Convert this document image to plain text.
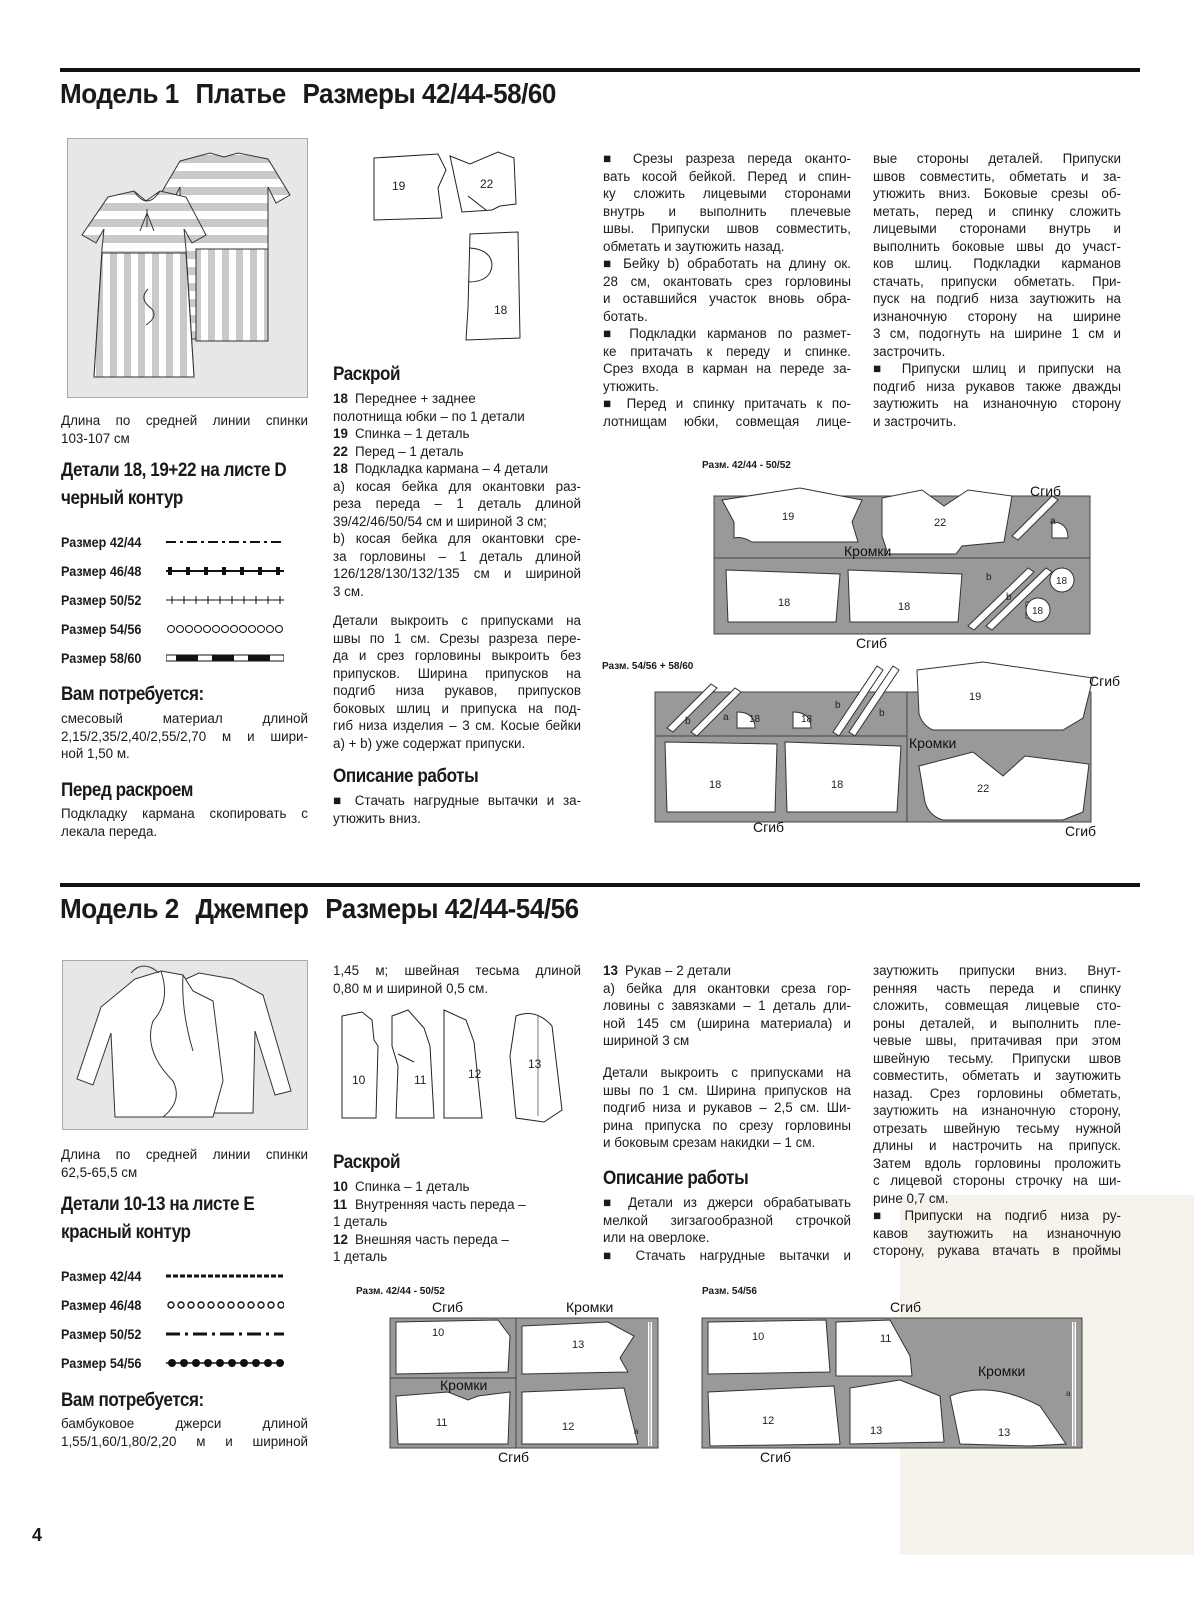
Модель 1 Платье Размеры 42/44-58/60
Длина по средней линии спинки
103-107 см
Детали 18, 19+22 на листе D
черный контур
Размер 42/44
Размер 46/48
Размер 50/52
Размер 54/56
Размер 58/60
Вам потребуется:
смесовый материал длиной
2,15/2,35/2,40/2,55/2,70 м и шири-
ной 1,50 м.
Перед раскроем
Подкладку кармана скопировать с
лекала переда.
19	22
18
Раскрой
18 Переднее + заднее
полотнища юбки – по 1 детали
19 Спинка – 1 деталь
22 Перед – 1 деталь
18 Подкладка кармана – 4 детали
a) косая бейка для окантовки раз-
реза переда – 1 деталь длиной
39/42/46/50/54 см и шириной 3 см;
b) косая бейка для окантовки сре-
за горловины – 1 деталь длиной
126/128/130/132/135 см и шириной
3 см.
Детали выкроить с припусками на
швы по 1 см. Срезы разреза пере-
да и срез горловины выкроить без
припусков. Ширина припусков на
подгиб низа рукавов, припусков
боковых шлиц и припуска на под-
гиб низа изделия – 3 см. Косые бейки
a) + b) уже содержат припуски.
Описание работы
■ Стачать нагрудные вытачки и за-
утюжить вниз.
■ Срезы разреза переда оканто-
вать косой бейкой. Перед и спин-
ку сложить лицевыми сторонами
внутрь и выполнить плечевые
швы. Припуски швов совместить,
обметать и заутюжить назад.
■ Бейку b) обработать на длину ок.
28 см, окантовать срез горловины
и оставшийся участок вновь обра-
ботать.
■ Подкладки карманов по размет-
ке притачать к переду и спинке.
Срез входа в карман на переде за-
утюжить.
■ Перед и спинку притачать к по-
лотнищам юбки, совмещая лице-
вые стороны деталей. Припуски
швов совместить, обметать и за-
утюжить вниз. Боковые срезы об-
метать, перед и спинку сложить
лицевыми сторонами внутрь и
выполнить боковые швы до участ-
ков шлиц. Подкладки карманов
стачать, припуски обметать. При-
пуск на подгиб низа заутюжить на
изнаночную сторону на ширине
3 см, подогнуть на ширине 1 см и
застрочить.
■ Припуски шлиц и припуски на
подгиб низа рукавов также дважды
заутюжить на изнаночную сторону
и застрочить.
Разм. 42/44 - 50/52
19	22
18	18
18
18
a
b
b
Кромки
Сгиб
Сгиб
Разм. 54/56 + 58/60
19
22
18	18
18	18
b	a
b
b
Кромки
Сгиб
Сгиб
Сгиб
Модель 2 Джемпер Размеры 42/44-54/56
Длина по средней линии спинки
62,5-65,5 см
Детали 10-13 на листе E
красный контур
Размер 42/44
Размер 46/48
Размер 50/52
Размер 54/56
Вам потребуется:
бамбуковое джерси длиной
1,55/1,60/1,80/2,20 м и шириной
1,45 м; швейная тесьма длиной
0,80 м и шириной 0,5 см.
10	11	12
13
Раскрой
10 Спинка – 1 деталь
11 Внутренняя часть переда –
1 деталь
12 Внешняя часть переда –
1 деталь
13 Рукав – 2 детали
a) бейка для окантовки среза гор-
ловины с завязками – 1 деталь дли-
ной 145 см (ширина материала) и
шириной 3 см
Детали выкроить с припусками на
швы по 1 см. Ширина припусков на
подгиб низа и рукавов – 2,5 см. Ши-
рина припуска по срезу горловины
и боковым срезам накидки – 1 см.
Описание работы
■ Детали из джерси обрабатывать
мелкой зигзагообразной строчкой
или на оверлоке.
■ Стачать нагрудные вытачки и
заутюжить припуски вниз. Внут-
ренняя часть переда и спинку
сложить, совмещая лицевые сто-
роны деталей, и выполнить пле-
чевые швы, притачивая при этом
швейную тесьму. Припуски швов
совместить, обметать и заутюжить
назад. Срез горловины обметать,
заутюжить на изнаночную сторону,
отрезать швейную тесьму нужной
длины и настрочить на припуск.
Затем вдоль горловины проложить
с лицевой стороны строчку на ши-
рине 0,7 см.
■ Припуски на подгиб низа ру-
кавов заутюжить на изнаночную
сторону, рукава втачать в проймы
Разм. 42/44 - 50/52
10
11	12
13
a
Кромки
Кромки
Сгиб
Сгиб
Разм. 54/56
10	11
12
13	13
a
Кромки
Сгиб
Сгиб
4
